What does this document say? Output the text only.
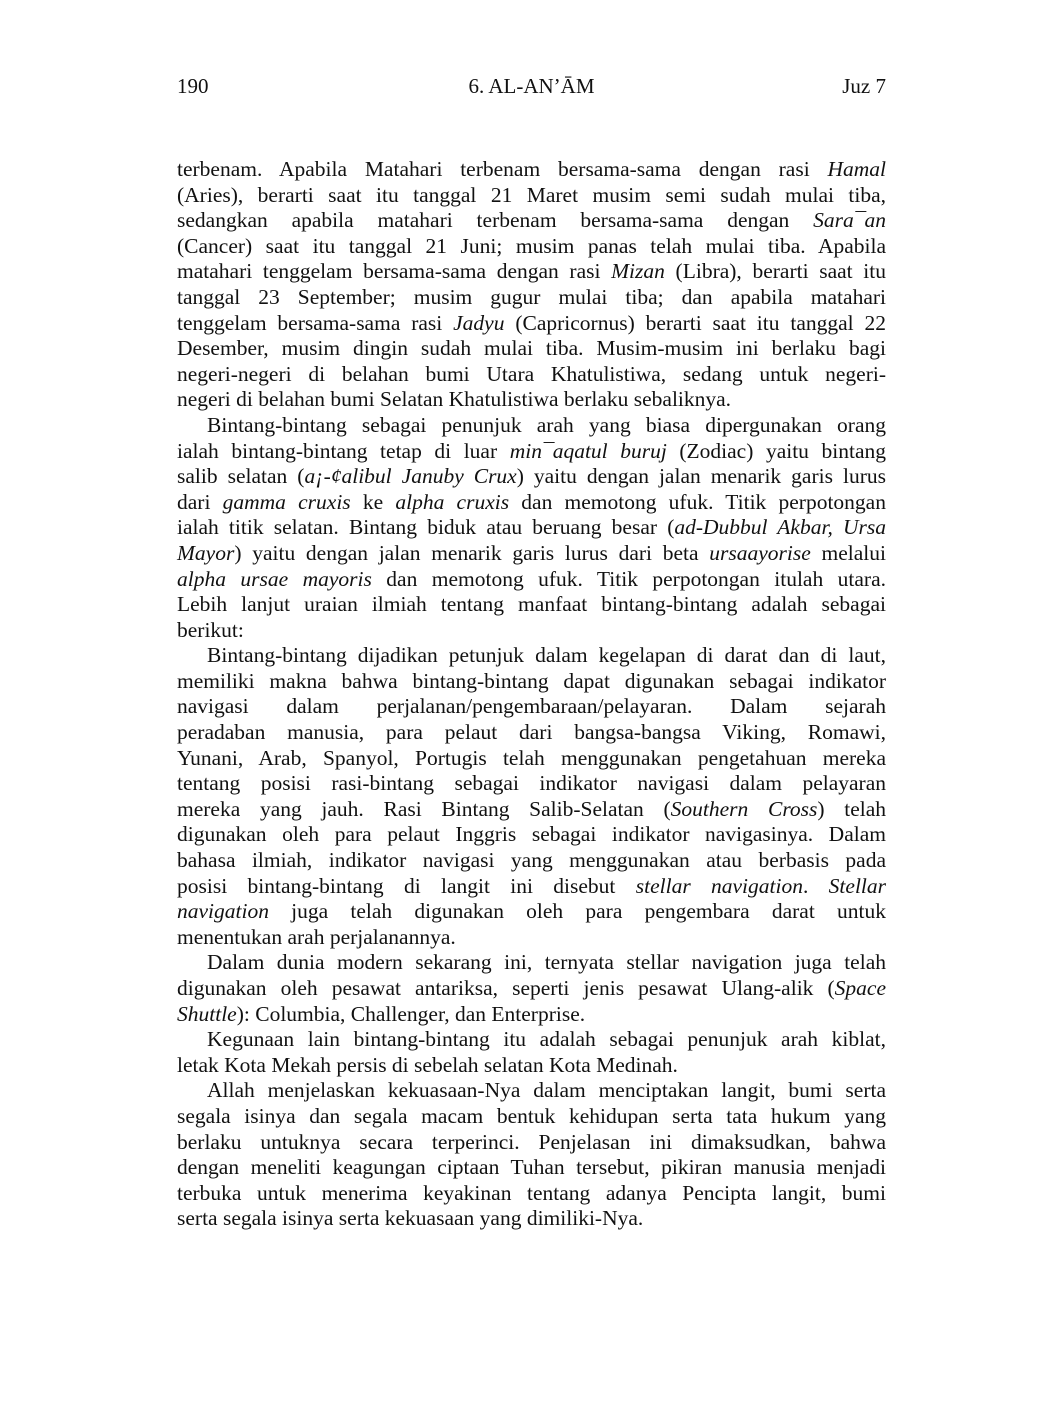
190	6. AL-AN’ĀM	Juz 7
terbenam. Apabila Matahari terbenam bersama-sama dengan rasi Hamal
(Aries), berarti saat itu tanggal 21 Maret musim semi sudah mulai tiba,
sedangkan apabila matahari terbenam bersama-sama dengan Sara¯an
(Cancer) saat itu tanggal 21 Juni; musim panas telah mulai tiba. Apabila
matahari tenggelam bersama-sama dengan rasi Mizan (Libra), berarti saat itu
tanggal 23 September; musim gugur mulai tiba; dan apabila matahari
tenggelam bersama-sama rasi Jadyu (Capricornus) berarti saat itu tanggal 22
Desember, musim dingin sudah mulai tiba. Musim-musim ini berlaku bagi
negeri-negeri di belahan bumi Utara Khatulistiwa, sedang untuk negeri-
negeri di belahan bumi Selatan Khatulistiwa berlaku sebaliknya.
Bintang-bintang sebagai penunjuk arah yang biasa dipergunakan orang
ialah bintang-bintang tetap di luar min¯aqatul buruj (Zodiac) yaitu bintang
salib selatan (a¡-¢alibul Januby Crux) yaitu dengan jalan menarik garis lurus
dari gamma cruxis ke alpha cruxis dan memotong ufuk. Titik perpotongan
ialah titik selatan. Bintang biduk atau beruang besar (ad-Dubbul Akbar, Ursa
Mayor) yaitu dengan jalan menarik garis lurus dari beta ursaayorise melalui
alpha ursae mayoris dan memotong ufuk. Titik perpotongan itulah utara.
Lebih lanjut uraian ilmiah tentang manfaat bintang-bintang adalah sebagai
berikut:
Bintang-bintang dijadikan petunjuk dalam kegelapan di darat dan di laut,
memiliki makna bahwa bintang-bintang dapat digunakan sebagai indikator
navigasi dalam perjalanan/pengembaraan/pelayaran. Dalam sejarah
peradaban manusia, para pelaut dari bangsa-bangsa Viking, Romawi,
Yunani, Arab, Spanyol, Portugis telah menggunakan pengetahuan mereka
tentang posisi rasi-bintang sebagai indikator navigasi dalam pelayaran
mereka yang jauh. Rasi Bintang Salib-Selatan (Southern Cross) telah
digunakan oleh para pelaut Inggris sebagai indikator navigasinya. Dalam
bahasa ilmiah, indikator navigasi yang menggunakan atau berbasis pada
posisi bintang-bintang di langit ini disebut stellar navigation. Stellar
navigation juga telah digunakan oleh para pengembara darat untuk
menentukan arah perjalanannya.
Dalam dunia modern sekarang ini, ternyata stellar navigation juga telah
digunakan oleh pesawat antariksa, seperti jenis pesawat Ulang-alik (Space
Shuttle): Columbia, Challenger, dan Enterprise.
Kegunaan lain bintang-bintang itu adalah sebagai penunjuk arah kiblat,
letak Kota Mekah persis di sebelah selatan Kota Medinah.
Allah menjelaskan kekuasaan-Nya dalam menciptakan langit, bumi serta
segala isinya dan segala macam bentuk kehidupan serta tata hukum yang
berlaku untuknya secara terperinci. Penjelasan ini dimaksudkan, bahwa
dengan meneliti keagungan ciptaan Tuhan tersebut, pikiran manusia menjadi
terbuka untuk menerima keyakinan tentang adanya Pencipta langit, bumi
serta segala isinya serta kekuasaan yang dimiliki-Nya.
